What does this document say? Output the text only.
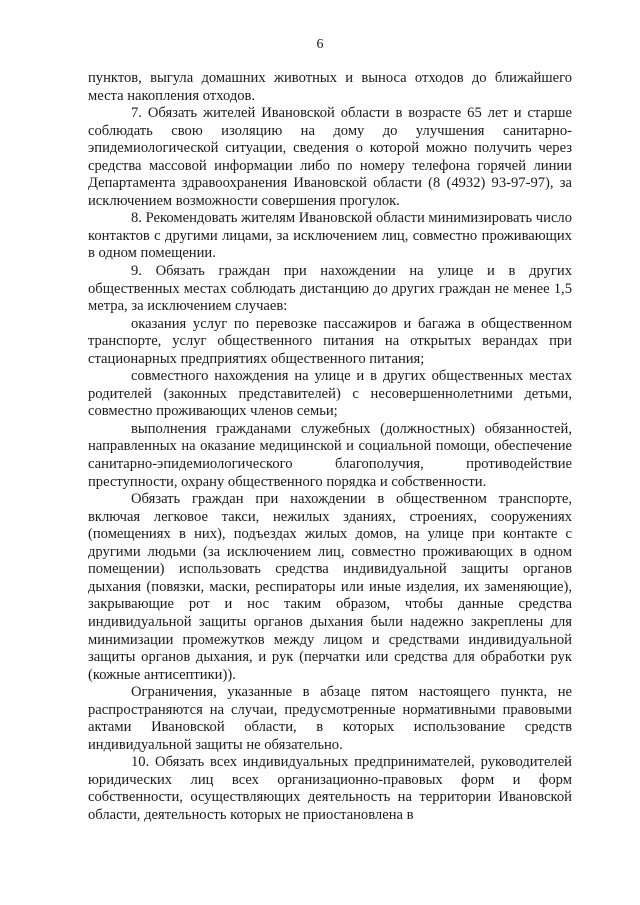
6

пунктов, выгула домашних животных и выноса отходов до ближайшего места накопления отходов.

7. Обязать жителей Ивановской области в возрасте 65 лет и старше соблюдать свою изоляцию на дому до улучшения санитарно-эпидемиологической ситуации, сведения о которой можно получить через средства массовой информации либо по номеру телефона горячей линии Департамента здравоохранения Ивановской области (8 (4932) 93-97-97), за исключением возможности совершения прогулок.

8. Рекомендовать жителям Ивановской области минимизировать число контактов с другими лицами, за исключением лиц, совместно проживающих в одном помещении.

9. Обязать граждан при нахождении на улице и в других общественных местах соблюдать дистанцию до других граждан не менее 1,5 метра, за исключением случаев:

оказания услуг по перевозке пассажиров и багажа в общественном транспорте, услуг общественного питания на открытых верандах при стационарных предприятиях общественного питания;

совместного нахождения на улице и в других общественных местах родителей (законных представителей) с несовершеннолетними детьми, совместно проживающих членов семьи;

выполнения гражданами служебных (должностных) обязанностей, направленных на оказание медицинской и социальной помощи, обеспечение санитарно-эпидемиологического благополучия, противодействие преступности, охрану общественного порядка и собственности.

Обязать граждан при нахождении в общественном транспорте, включая легковое такси, нежилых зданиях, строениях, сооружениях (помещениях в них), подъездах жилых домов, на улице при контакте с другими людьми (за исключением лиц, совместно проживающих в одном помещении) использовать средства индивидуальной защиты органов дыхания (повязки, маски, респираторы или иные изделия, их заменяющие), закрывающие рот и нос таким образом, чтобы данные средства индивидуальной защиты органов дыхания были надежно закреплены для минимизации промежутков между лицом и средствами индивидуальной защиты органов дыхания, и рук (перчатки или средства для обработки рук (кожные антисептики)).

Ограничения, указанные в абзаце пятом настоящего пункта, не распространяются на случаи, предусмотренные нормативными правовыми актами Ивановской области, в которых использование средств индивидуальной защиты не обязательно.

10. Обязать всех индивидуальных предпринимателей, руководителей юридических лиц всех организационно-правовых форм и форм собственности, осуществляющих деятельность на территории Ивановской области, деятельность которых не приостановлена в
